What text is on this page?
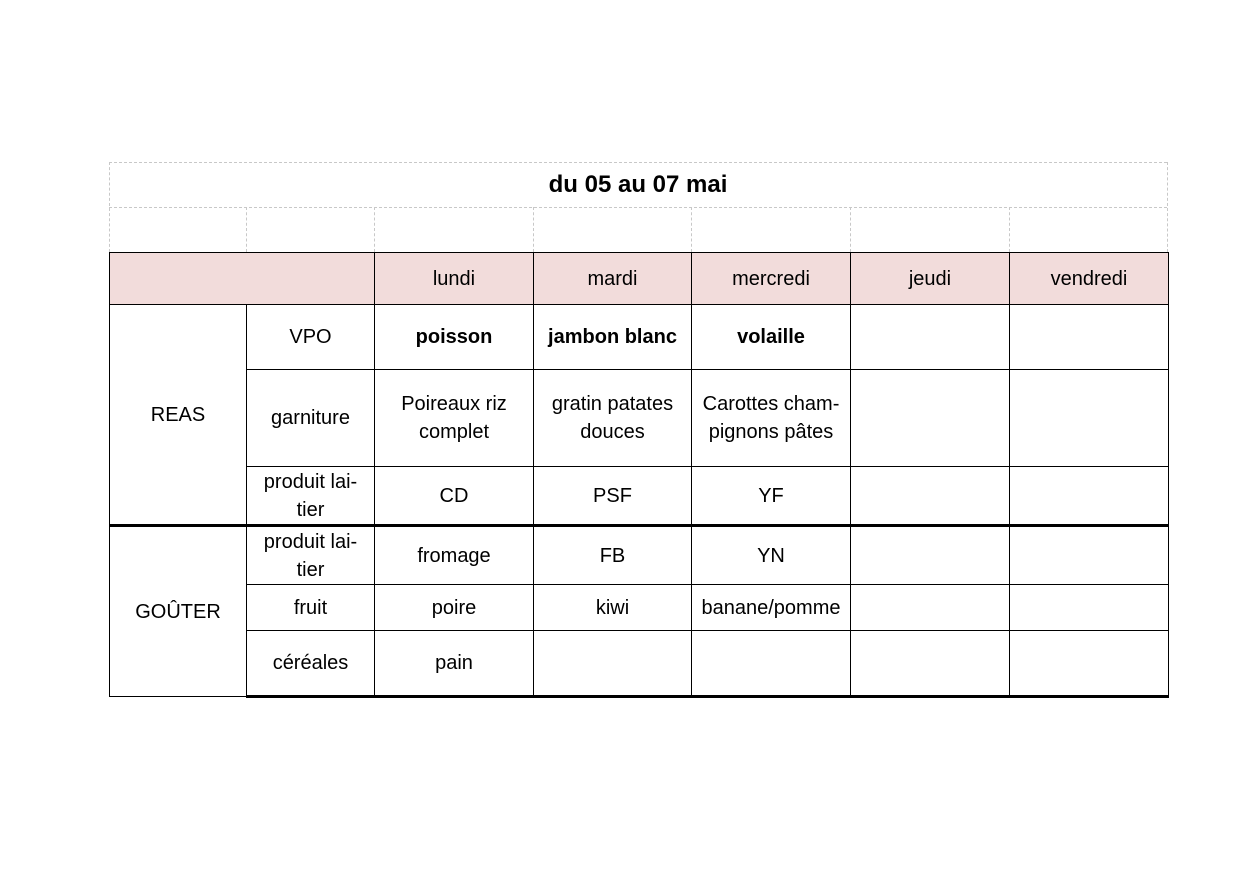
du 05 au 07 mai
		lundi	mardi	mercredi	jeudi	vendredi
REAS	VPO	poisson	jambon blanc	volaille		
	garniture	Poireaux riz complet	gratin patates douces	Carottes cham-pignons pâtes		
	produit lai-tier	CD	PSF	YF		
GOÛTER	produit lai-tier	fromage	FB	YN		
	fruit	poire	kiwi	banane/pomme		
	céréales	pain				
